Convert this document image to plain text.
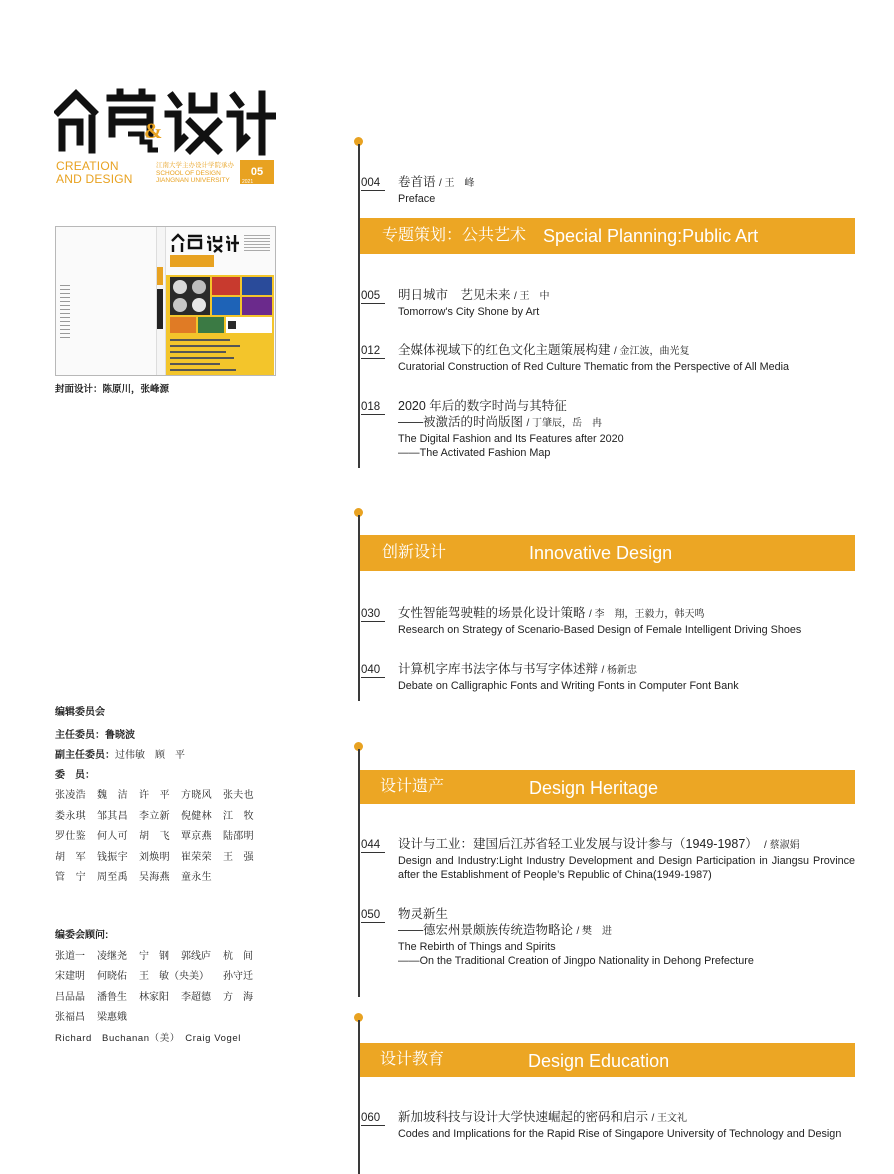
&
CREATION
AND DESIGN
江南大学主办设计学院承办
SCHOOL OF DESIGN
JIANGNAN UNIVERSITY
05
2021
封面设计：陈原川，张峰源
编辑委员会
主任委员：鲁晓波
副主任委员：过伟敏　顾　平
委　员：
张凌浩	魏　洁	许　平	方晓风	张夫也
娄永琪	邹其昌	李立新	倪健林	江　牧
罗仕鉴	何人可	胡　飞	覃京燕	陆邵明
胡　军	钱振宇	刘焕明	崔荣荣	王　强
管　宁	周至禹	吴海燕	童永生
编委会顾问:
张道一	凌继尧	宁　钢	郭线庐	杭　间
宋建明	何晓佑	王　敏（央美）	孙守迁
吕品晶	潘鲁生	林家阳	李超德	方　海
张福昌	梁惠娥
Richard　Buchanan（美）　Craig Vogel
004	卷首语 / 王　峰
Preface
专题策划：公共艺术 Special Planning:Public Art
005	明日城市　艺见未来 / 王　中
Tomorrow's City Shone by Art
012	全媒体视域下的红色文化主题策展构建 / 金江波，曲光复
Curatorial Construction of Red Culture Thematic from the Perspective of All Media
018	2020 年后的数字时尚与其特征
——被激活的时尚版图 / 丁肇辰，岳　冉
The Digital Fashion and Its Features after 2020
——The Activated Fashion Map
创新设计	Innovative Design
030	女性智能驾驶鞋的场景化设计策略 / 李　翔，王毅力，韩天鸣
Research on Strategy of Scenario-Based Design of Female Intelligent Driving Shoes
040	计算机字库书法字体与书写字体述辩 / 杨新忠
Debate on Calligraphic Fonts and Writing Fonts in Computer Font Bank
设计遗产	Design Heritage
044	设计与工业：建国后江苏省轻工业发展与设计参与（1949-1987）　 / 蔡淑娟
Design and Industry:Light Industry Development and Design Participation in Jiangsu Province after the Establishment of People’s Republic of China(1949-1987)
050	物灵新生
——德宏州景颇族传统造物略论 / 樊　进
The Rebirth of Things and Spirits
——On the Traditional Creation of Jingpo Nationality in Dehong Prefecture
设计教育	Design Education
060	新加坡科技与设计大学快速崛起的密码和启示 / 王文礼
Codes and Implications for the Rapid Rise of Singapore University of Technology and Design
